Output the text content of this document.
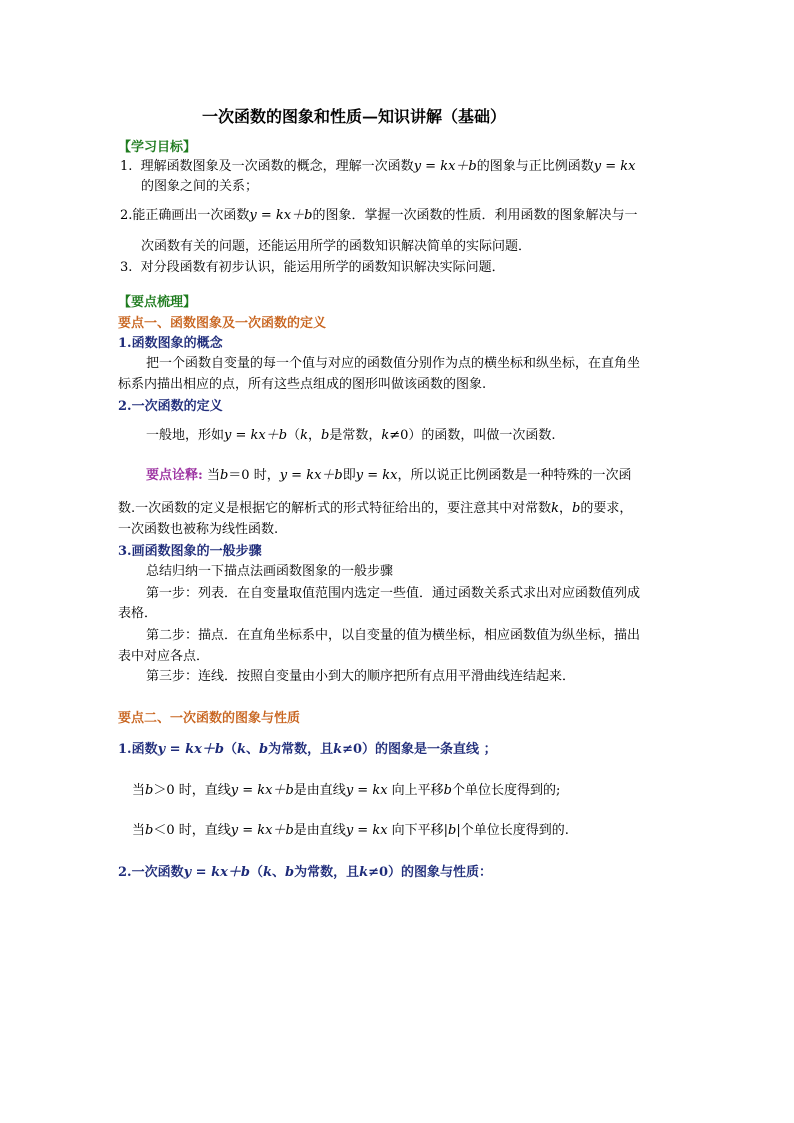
一次函数的图象和性质—知识讲解（基础）
【学习目标】
1. 理解函数图象及一次函数的概念，理解一次函数y = kx＋b的图象与正比例函数y = kx
的图象之间的关系；
2.能正确画出一次函数y = kx＋b的图象．掌握一次函数的性质．利用函数的图象解决与一
次函数有关的问题，还能运用所学的函数知识解决简单的实际问题．
3. 对分段函数有初步认识，能运用所学的函数知识解决实际问题．
【要点梳理】
要点一、函数图象及一次函数的定义
1.函数图象的概念
把一个函数自变量的每一个值与对应的函数值分别作为点的横坐标和纵坐标，在直角坐
标系内描出相应的点，所有这些点组成的图形叫做该函数的图象.
2.一次函数的定义
一般地，形如y = kx＋b（k，b是常数，k≠0）的函数，叫做一次函数.
要点诠释: 当b＝0 时，y = kx＋b即y = kx，所以说正比例函数是一种特殊的一次函
数.一次函数的定义是根据它的解析式的形式特征给出的，要注意其中对常数k，b的要求，
一次函数也被称为线性函数.
3.画函数图象的一般步骤
总结归纳一下描点法画函数图象的一般步骤
第一步：列表．在自变量取值范围内选定一些值．通过函数关系式求出对应函数值列成
表格．
第二步：描点．在直角坐标系中，以自变量的值为横坐标，相应函数值为纵坐标，描出
表中对应各点．
第三步：连线．按照自变量由小到大的顺序把所有点用平滑曲线连结起来．
要点二、一次函数的图象与性质
1.函数y = kx＋b（k、b为常数，且k≠0）的图象是一条直线 ；
当b＞0 时，直线y = kx＋b是由直线y = kx 向上平移b个单位长度得到的;
当b＜0 时，直线y = kx＋b是由直线y = kx 向下平移|b|个单位长度得到的.
2.一次函数y = kx＋b（k、b为常数，且k≠0）的图象与性质：
